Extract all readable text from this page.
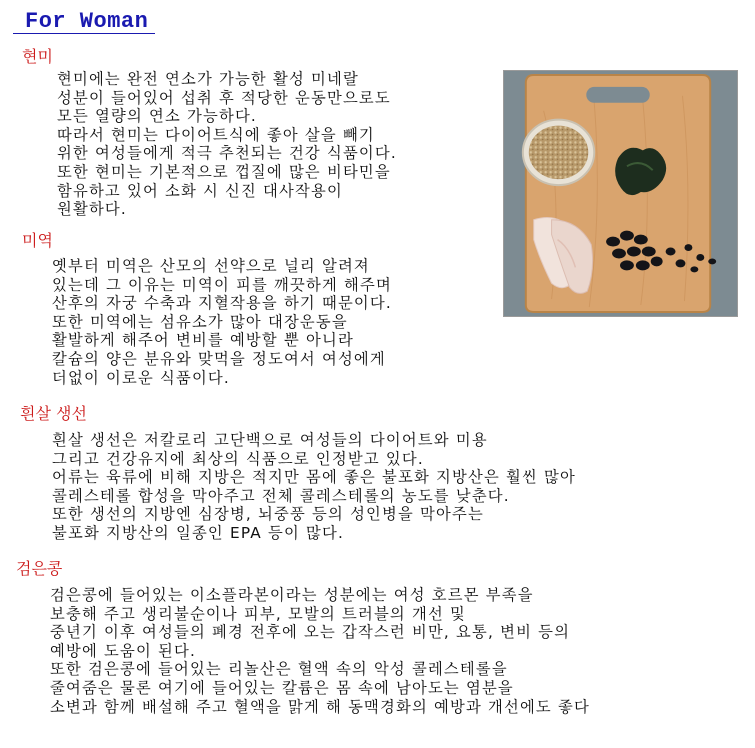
For Woman
현미
현미에는 완전 연소가 가능한 활성 미네랄
성분이 들어있어 섭취 후 적당한 운동만으로도
모든 열량의 연소 가능하다.
따라서 현미는 다이어트식에 좋아 살을 빼기
위한 여성들에게 적극 추천되는 건강 식품이다.
또한 현미는 기본적으로 껍질에 많은 비타민을
함유하고 있어 소화 시 신진 대사작용이
원활하다.
미역
옛부터 미역은 산모의 선약으로 널리 알려져
있는데 그 이유는 미역이 피를 깨끗하게 해주며
산후의 자궁 수축과 지혈작용을 하기 때문이다.
또한 미역에는 섬유소가 많아 대장운동을
활발하게 해주어 변비를 예방할 뿐 아니라
칼슘의 양은 분유와 맞먹을 정도여서 여성에게
더없이 이로운 식품이다.
흰살 생선
흰살 생선은 저칼로리 고단백으로 여성들의 다이어트와 미용
그리고 건강유지에 최상의 식품으로 인정받고 있다.
어류는 육류에 비해 지방은 적지만 몸에 좋은 불포화 지방산은 훨씬 많아
콜레스테롤 합성을 막아주고 전체 콜레스테롤의 농도를 낮춘다.
또한 생선의 지방엔 심장병, 뇌중풍 등의 성인병을 막아주는
불포화 지방산의 일종인 EPA 등이 많다.
검은콩
검은콩에 들어있는 이소플라본이라는 성분에는 여성 호르몬 부족을
보충해 주고 생리불순이나 피부, 모발의 트러블의 개선 및
중년기 이후 여성들의 폐경 전후에 오는 갑작스런 비만, 요통, 변비 등의
예방에 도움이 된다.
또한 검은콩에 들어있는 리놀산은 혈액 속의 악성 콜레스테롤을
줄여줌은 물론 여기에 들어있는 칼륨은 몸 속에 남아도는 염분을
소변과 함께 배설해 주고 혈액을 맑게 해 동맥경화의 예방과 개선에도 좋다
